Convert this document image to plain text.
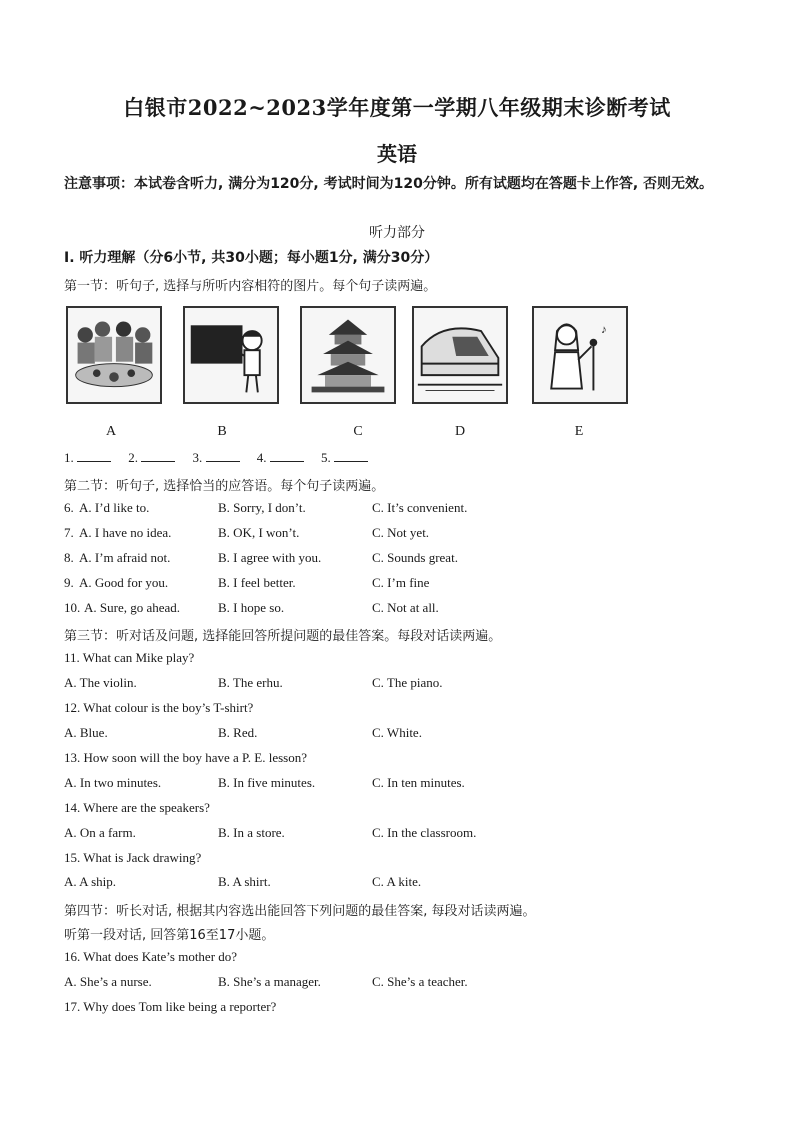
白银市2022~2023学年度第一学期八年级期末诊断考试
英语
注意事项：本试卷含听力, 满分为120分, 考试时间为120分钟。所有试题均在答题卡上作答, 否则无效。
听力部分
I. 听力理解（分6小节, 共30小题；每小题1分, 满分30分）
第一节：听句子, 选择与所听内容相符的图片。每个句子读两遍。
♪
A	B	C	D	E
1.	2.	3.	4.	5.
第二节：听句子, 选择恰当的应答语。每个句子读两遍。
6. A. I’d like to.	B. Sorry, I don’t.	C. It’s convenient.
7. A. I have no idea.	B. OK, I won’t.	C. Not yet.
8. A. I’m afraid not.	B. I agree with you.	C. Sounds great.
9. A. Good for you.	B. I feel better.	C. I’m fine
10. A. Sure, go ahead.	B. I hope so.	C. Not at all.
第三节：听对话及问题, 选择能回答所提问题的最佳答案。每段对话读两遍。
11. What can Mike play?
A. The violin.	B. The erhu.	C. The piano.
12. What colour is the boy’s T-shirt?
A. Blue.	B. Red.	C. White.
13. How soon will the boy have a P. E. lesson?
A. In two minutes.	B. In five minutes.	C. In ten minutes.
14. Where are the speakers?
A. On a farm.	B. In a store.	C. In the classroom.
15. What is Jack drawing?
A. A ship.	B. A shirt.	C. A kite.
第四节：听长对话, 根据其内容选出能回答下列问题的最佳答案, 每段对话读两遍。
听第一段对话, 回答第16至17小题。
16. What does Kate’s mother do?
A. She’s a nurse.	B. She’s a manager.	C. She’s a teacher.
17. Why does Tom like being a reporter?
